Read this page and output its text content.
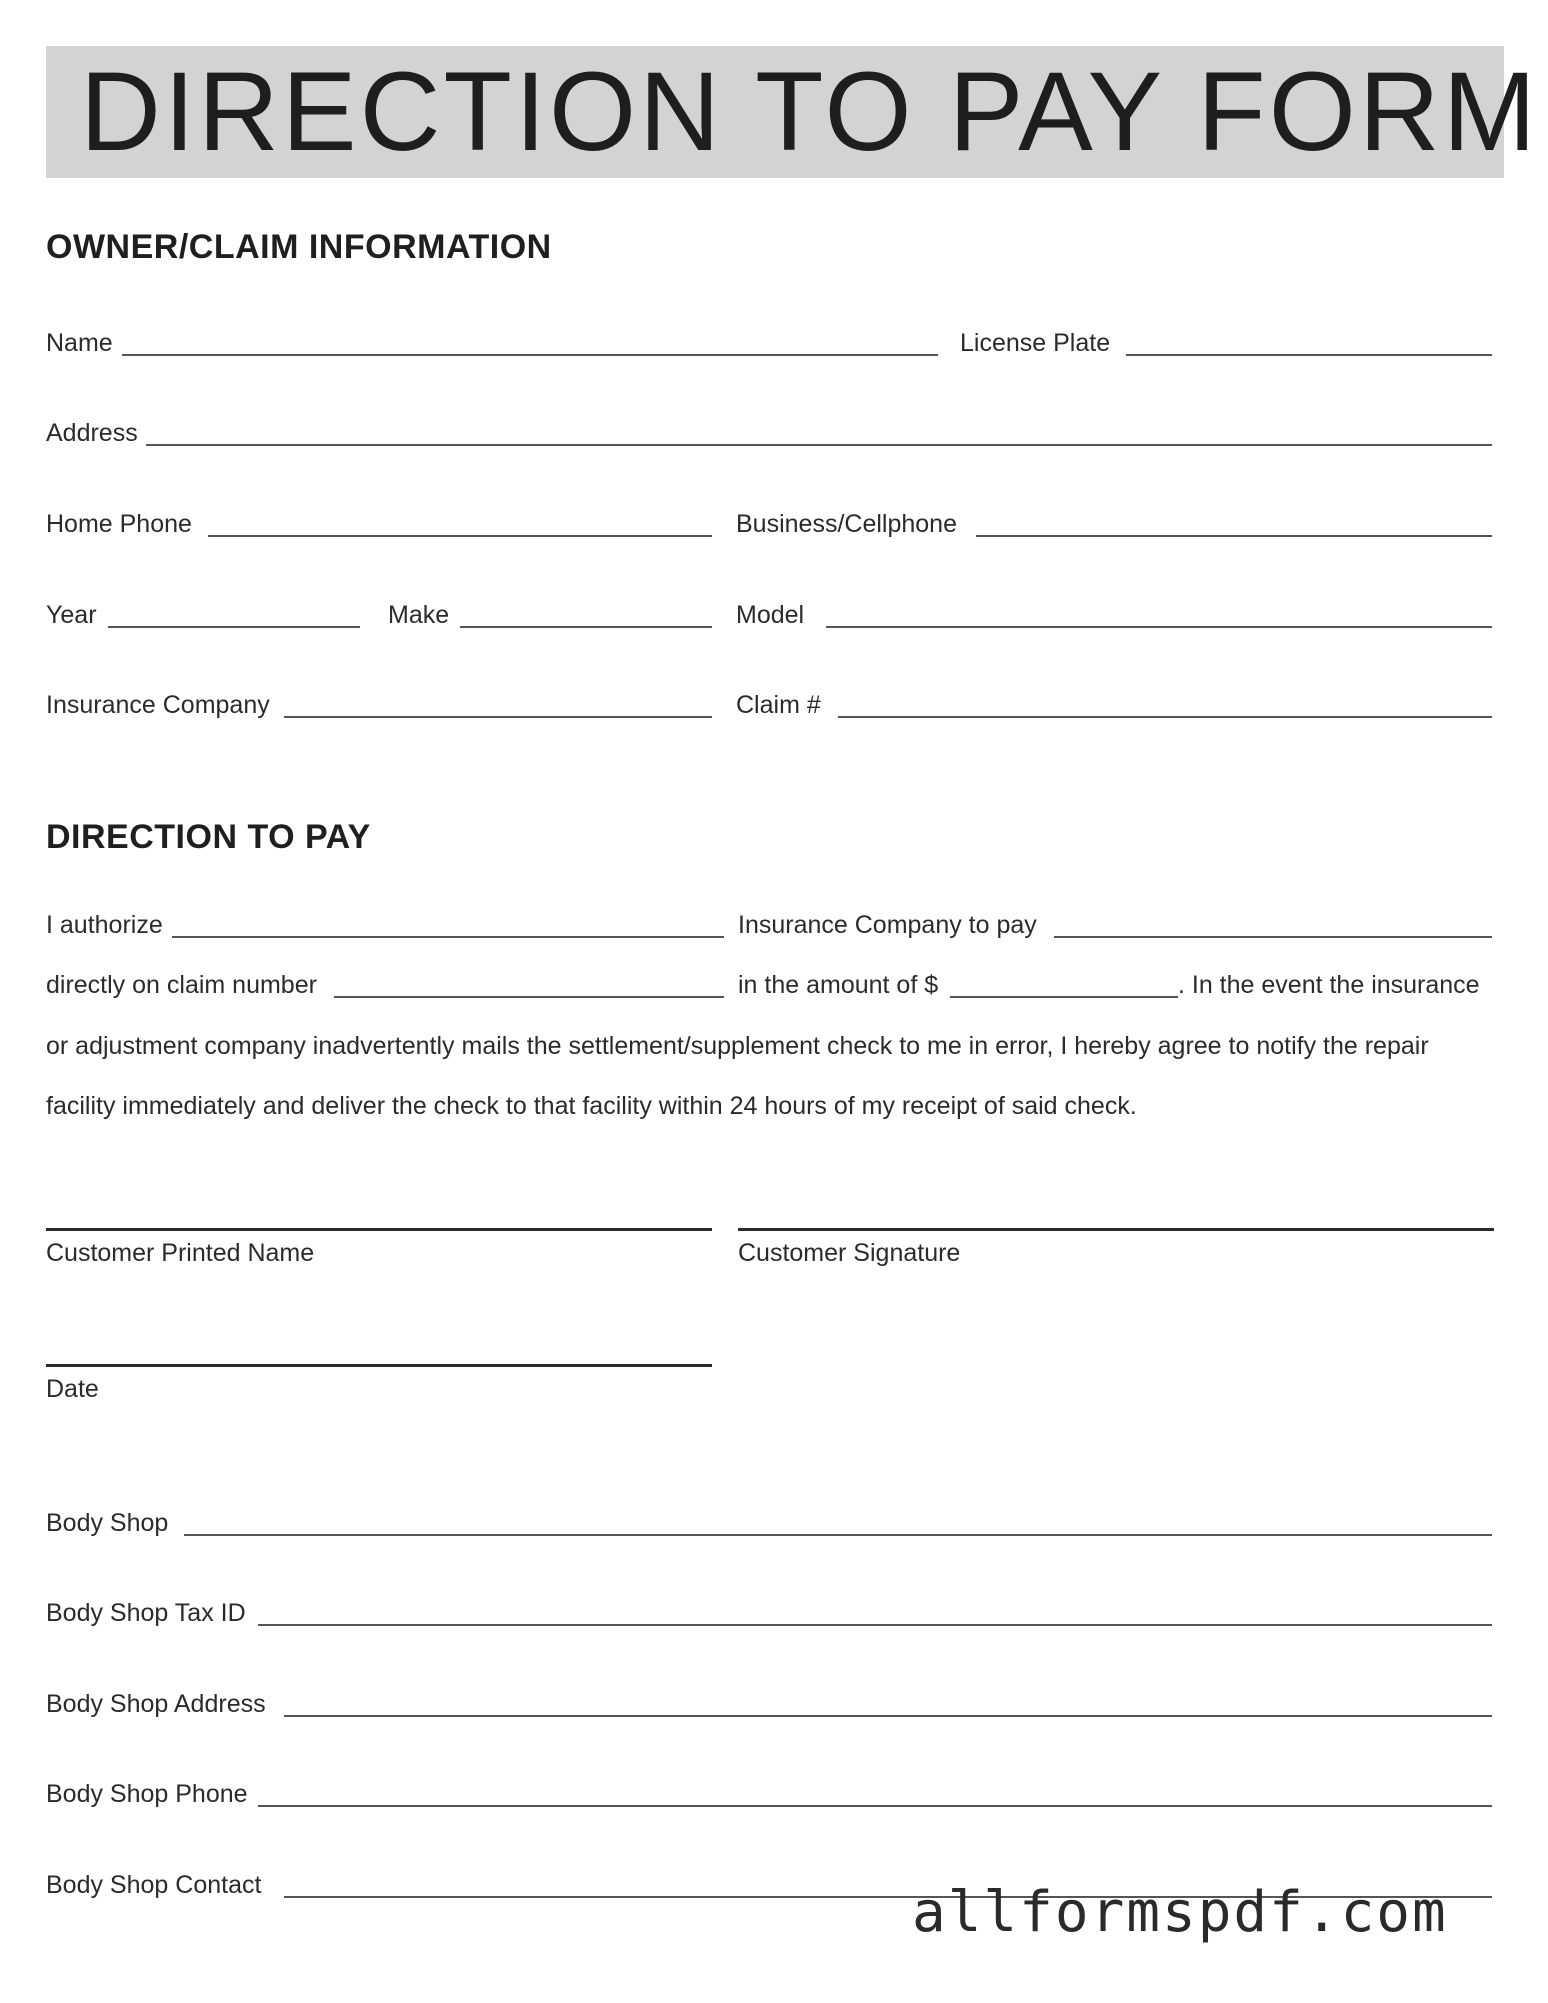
DIRECTION TO PAY FORM
OWNER/CLAIM INFORMATION
Name	License Plate
Address
Home Phone	Business/Cellphone
Year	Make	Model
Insurance Company	Claim #
DIRECTION TO PAY
I authorize	Insurance Company to pay
directly on claim number	in the amount of $	. In the event the insurance
or adjustment company inadvertently mails the settlement/supplement check to me in error, I hereby agree to notify the repair
facility immediately and deliver the check to that facility within 24 hours of my receipt of said check.
Customer Printed Name	Customer Signature
Date
Body Shop
Body Shop Tax ID
Body Shop Address
Body Shop Phone
Body Shop Contact	allformspdf.com
